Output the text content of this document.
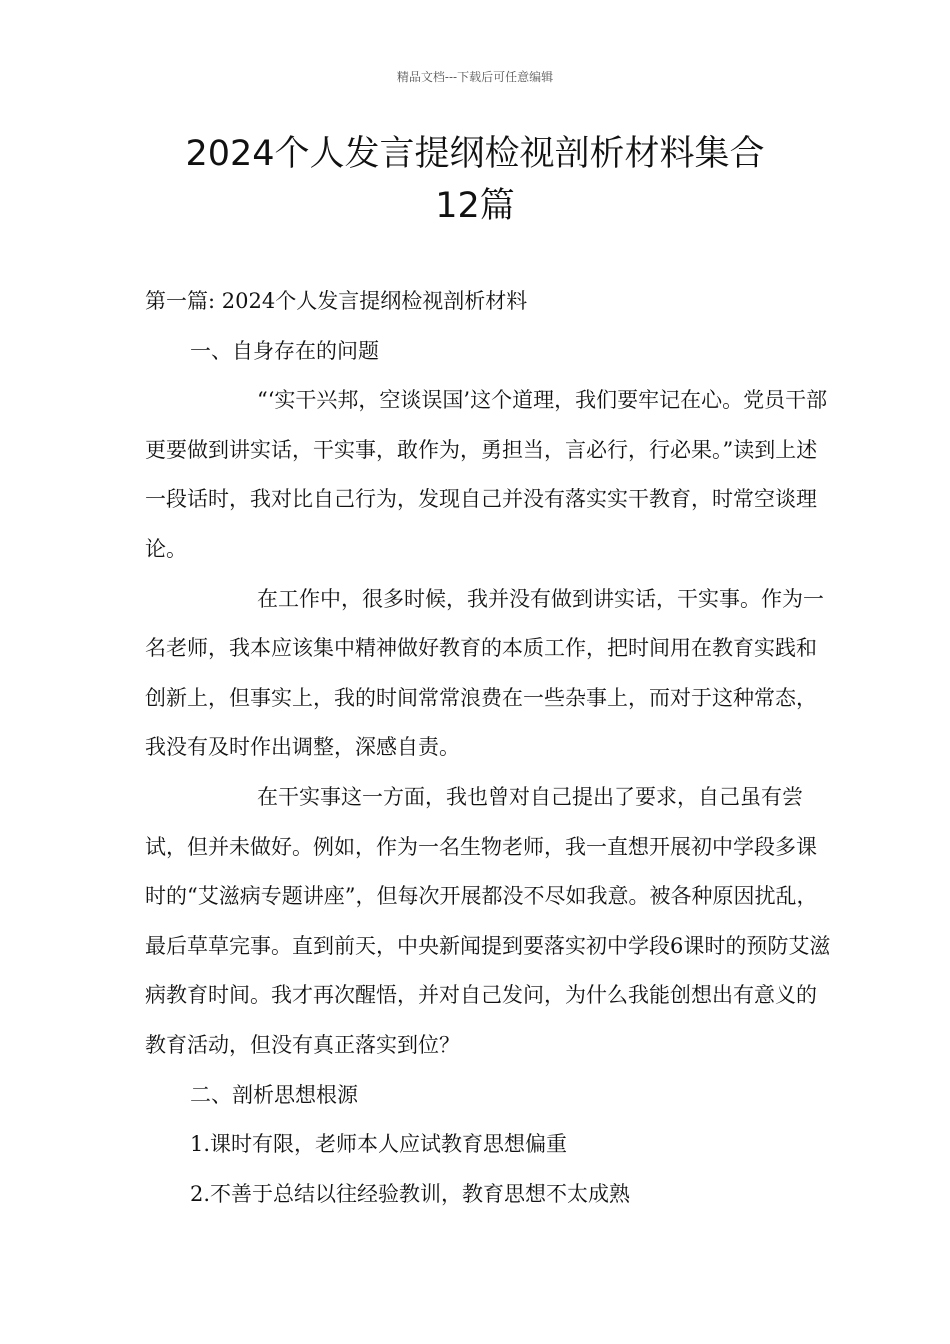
精品文档---下载后可任意编辑
2024个人发言提纲检视剖析材料集合
12篇

第一篇: 2024个人发言提纲检视剖析材料

一、自身存在的问题

“‘实干兴邦，空谈误国’这个道理，我们要牢记在心。党员干部更要做到讲实话，干实事，敢作为，勇担当，言必行，行必果。”读到上述一段话时，我对比自己行为，发现自己并没有落实实干教育，时常空谈理论。

在工作中，很多时候，我并没有做到讲实话，干实事。作为一名老师，我本应该集中精神做好教育的本质工作，把时间用在教育实践和创新上，但事实上，我的时间常常浪费在一些杂事上，而对于这种常态，我没有及时作出调整，深感自责。

在干实事这一方面，我也曾对自己提出了要求，自己虽有尝试，但并未做好。例如，作为一名生物老师，我一直想开展初中学段多课时的“艾滋病专题讲座”，但每次开展都没不尽如我意。被各种原因扰乱，最后草草完事。直到前天，中央新闻提到要落实初中学段6课时的预防艾滋病教育时间。我才再次醒悟，并对自己发问，为什么我能创想出有意义的教育活动，但没有真正落实到位？

二、剖析思想根源

1.课时有限，老师本人应试教育思想偏重

2.不善于总结以往经验教训，教育思想不太成熟
